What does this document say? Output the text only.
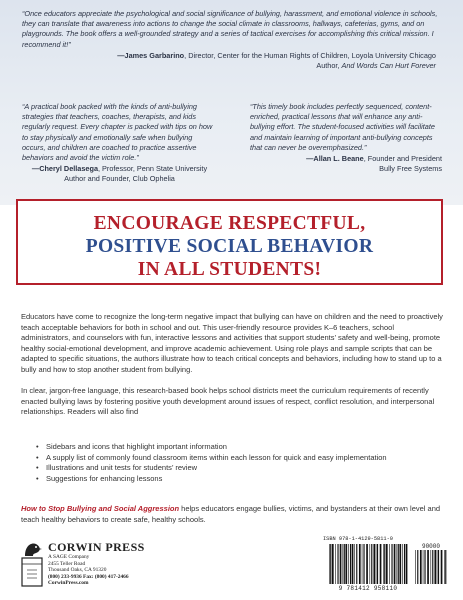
“Once educators appreciate the psychological and social significance of bullying, harassment, and emotional violence in schools, they can translate that awareness into actions to change the social climate in classrooms, hallways, cafeterias, gyms, and on playgrounds. The book offers a well-grounded strategy and a series of tactical exercises for accomplishing this critical mission. I recommend it!”
—James Garbarino, Director, Center for the Human Rights of Children, Loyola University Chicago
Author, And Words Can Hurt Forever
“A practical book packed with the kinds of anti-bullying strategies that teachers, coaches, therapists, and kids regularly request. Every chapter is packed with tips on how to stay physically and emotionally safe when bullying occurs, and children are coached to practice assertive behaviors and avoid the victim role.”
—Cheryl Dellasega, Professor, Penn State University
Author and Founder, Club Ophelia
“This timely book includes perfectly sequenced, content-enriched, practical lessons that will enhance any anti-bullying effort. The student-focused activities will facilitate and maintain learning of important anti-bullying concepts that can never be overemphasized.”
—Allan L. Beane, Founder and President
Bully Free Systems
ENCOURAGE RESPECTFUL,
POSITIVE SOCIAL BEHAVIOR
IN ALL STUDENTS!
Educators have come to recognize the long-term negative impact that bullying can have on children and the need to proactively teach acceptable behaviors for both in school and out. This user-friendly resource provides K–6 teachers, school administrators, and counselors with fun, interactive lessons and activities that support students’ safety and well-being, promote healthy social-emotional development, and improve academic achievement. Using role plays and sample scripts that can be adapted to specific situations, the authors illustrate how to teach critical concepts and behaviors, including how to stand up to a bully and how to stop another student from bullying.
In clear, jargon-free language, this research-based book helps school districts meet the curriculum requirements of recently enacted bullying laws by fostering positive youth development around issues of respect, conflict resolution, and interpersonal relationships. Readers will also find
• Sidebars and icons that highlight important information
• A supply list of commonly found classroom items within each lesson for quick and easy implementation
• Illustrations and unit tests for students’ review
• Suggestions for enhancing lessons
How to Stop Bullying and Social Aggression helps educators engage bullies, victims, and bystanders at their own level and teach healthy behaviors to create safe, healthy schools.
CORWIN PRESS
A SAGE Company
2455 Teller Road
Thousand Oaks, CA 91320
(800) 233-9936 Fax: (800) 417-2466
CorwinPress.com
ISBN 978-1-4129-5811-0
90000
9 781412 958110
